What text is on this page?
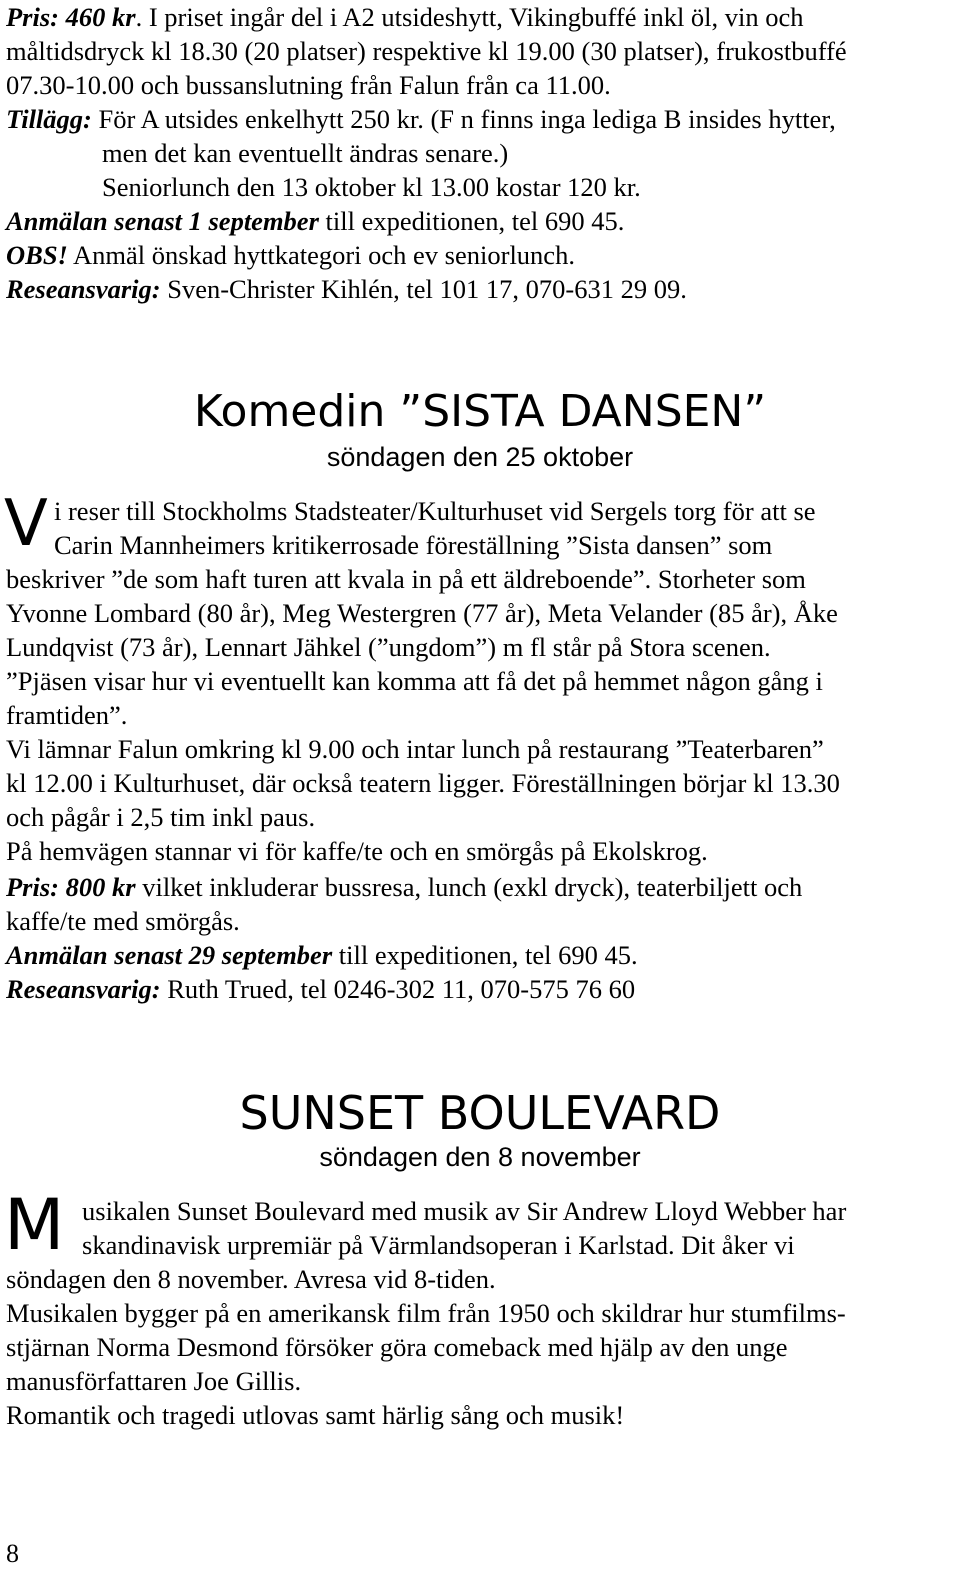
Pris: 460 kr. I priset ingår del i A2 utsideshytt, Vikingbuffé inkl öl, vin och
måltidsdryck kl 18.30 (20 platser) respektive kl 19.00 (30 platser), frukostbuffé
07.30-10.00 och bussanslutning från Falun från ca 11.00.
Tillägg: För A utsides enkelhytt 250 kr. (F n finns inga lediga B insides hytter,
men det kan eventuellt ändras senare.)
Seniorlunch den 13 oktober kl 13.00 kostar 120 kr.
Anmälan senast 1 september till expeditionen, tel 690 45.
OBS! Anmäl önskad hyttkategori och ev seniorlunch.
Reseansvarig: Sven-Christer Kihlén, tel 101 17, 070-631 29 09.
Komedin ”SISTA DANSEN”
söndagen den 25 oktober
V i reser till Stockholms Stadsteater/Kulturhuset vid Sergels torg för att se
Carin Mannheimers kritikerrosade föreställning ”Sista dansen” som
beskriver ”de som haft turen att kvala in på ett äldreboende”. Storheter som
Yvonne Lombard (80 år), Meg Westergren (77 år), Meta Velander (85 år), Åke
Lundqvist (73 år), Lennart Jähkel (”ungdom”) m fl står på Stora scenen.
”Pjäsen visar hur vi eventuellt kan komma att få det på hemmet någon gång i
framtiden”.
Vi lämnar Falun omkring kl 9.00 och intar lunch på restaurang ”Teaterbaren”
kl 12.00 i Kulturhuset, där också teatern ligger. Föreställningen börjar kl 13.30
och pågår i 2,5 tim inkl paus.
På hemvägen stannar vi för kaffe/te och en smörgås på Ekolskrog.
Pris: 800 kr vilket inkluderar bussresa, lunch (exkl dryck), teaterbiljett och
kaffe/te med smörgås.
Anmälan senast 29 september till expeditionen, tel 690 45.
Reseansvarig: Ruth Trued, tel 0246-302 11, 070-575 76 60
SUNSET BOULEVARD
söndagen den 8 november
M usikalen Sunset Boulevard med musik av Sir Andrew Lloyd Webber har
skandinavisk urpremiär på Värmlandsoperan i Karlstad. Dit åker vi
söndagen den 8 november. Avresa vid 8-tiden.
Musikalen bygger på en amerikansk film från 1950 och skildrar hur stumfilms-
stjärnan Norma Desmond försöker göra comeback med hjälp av den unge
manusförfattaren Joe Gillis.
Romantik och tragedi utlovas samt härlig sång och musik!
8
